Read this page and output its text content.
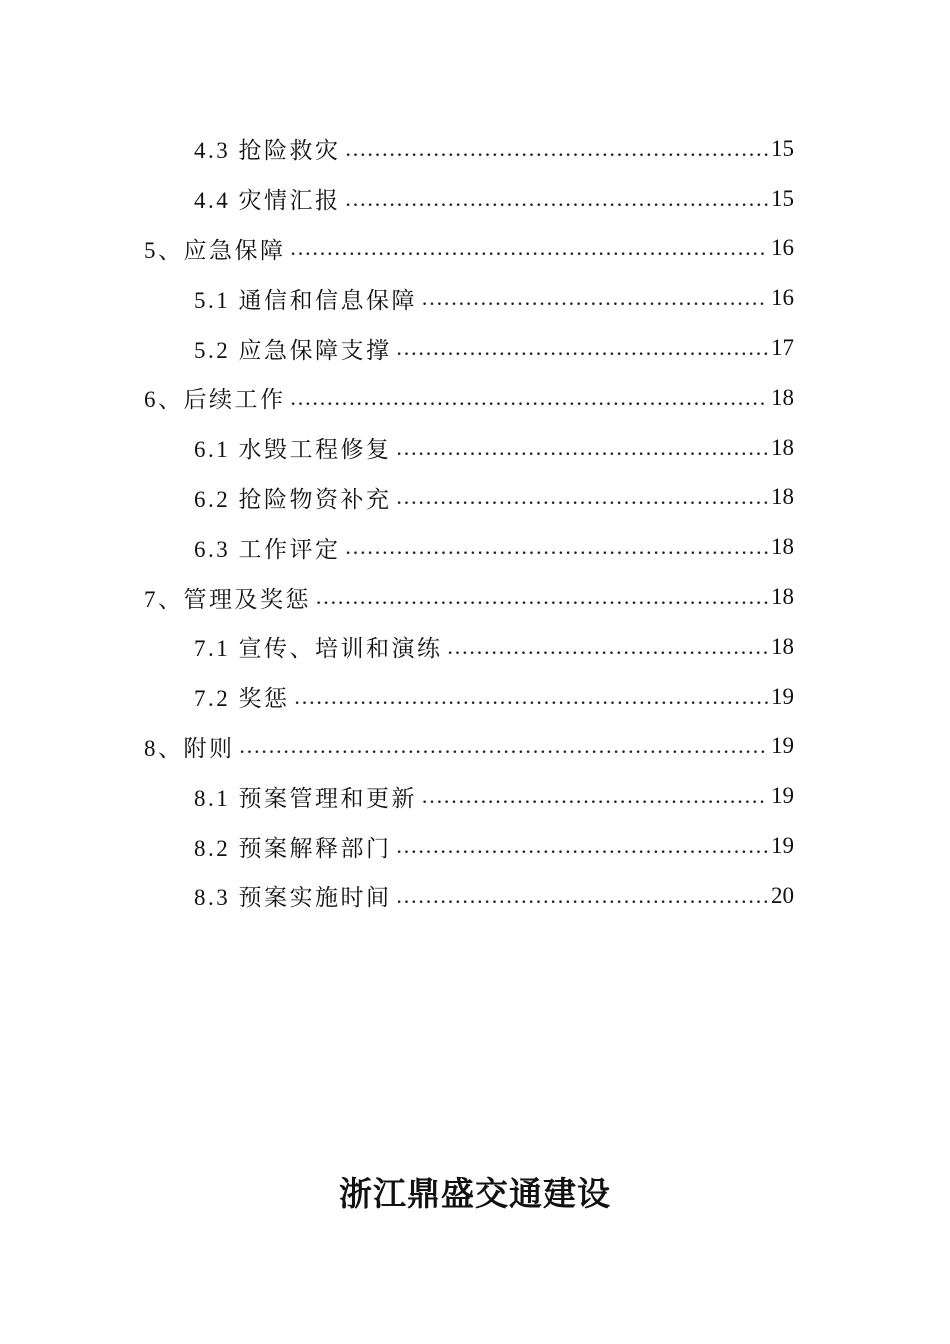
4.3 抢险救灾 …………………………………………………………………………………………………………………………………………………	15
4.4 灾情汇报 …………………………………………………………………………………………………………………………………………………	15
5、应急保障 …………………………………………………………………………………………………………………………………………………	16
5.1 通信和信息保障 …………………………………………………………………………………………………………………………………………………	16
5.2 应急保障支撑 …………………………………………………………………………………………………………………………………………………	17
6、后续工作 …………………………………………………………………………………………………………………………………………………	18
6.1 水毁工程修复 …………………………………………………………………………………………………………………………………………………	18
6.2 抢险物资补充 …………………………………………………………………………………………………………………………………………………	18
6.3 工作评定 …………………………………………………………………………………………………………………………………………………	18
7、管理及奖惩 …………………………………………………………………………………………………………………………………………………	18
7.1 宣传、培训和演练 …………………………………………………………………………………………………………………………………………………	18
7.2 奖惩 …………………………………………………………………………………………………………………………………………………	19
8、附则 …………………………………………………………………………………………………………………………………………………	19
8.1 预案管理和更新 …………………………………………………………………………………………………………………………………………………	19
8.2 预案解释部门 …………………………………………………………………………………………………………………………………………………	19
8.3 预案实施时间 …………………………………………………………………………………………………………………………………………………	20
浙江鼎盛交通建设
